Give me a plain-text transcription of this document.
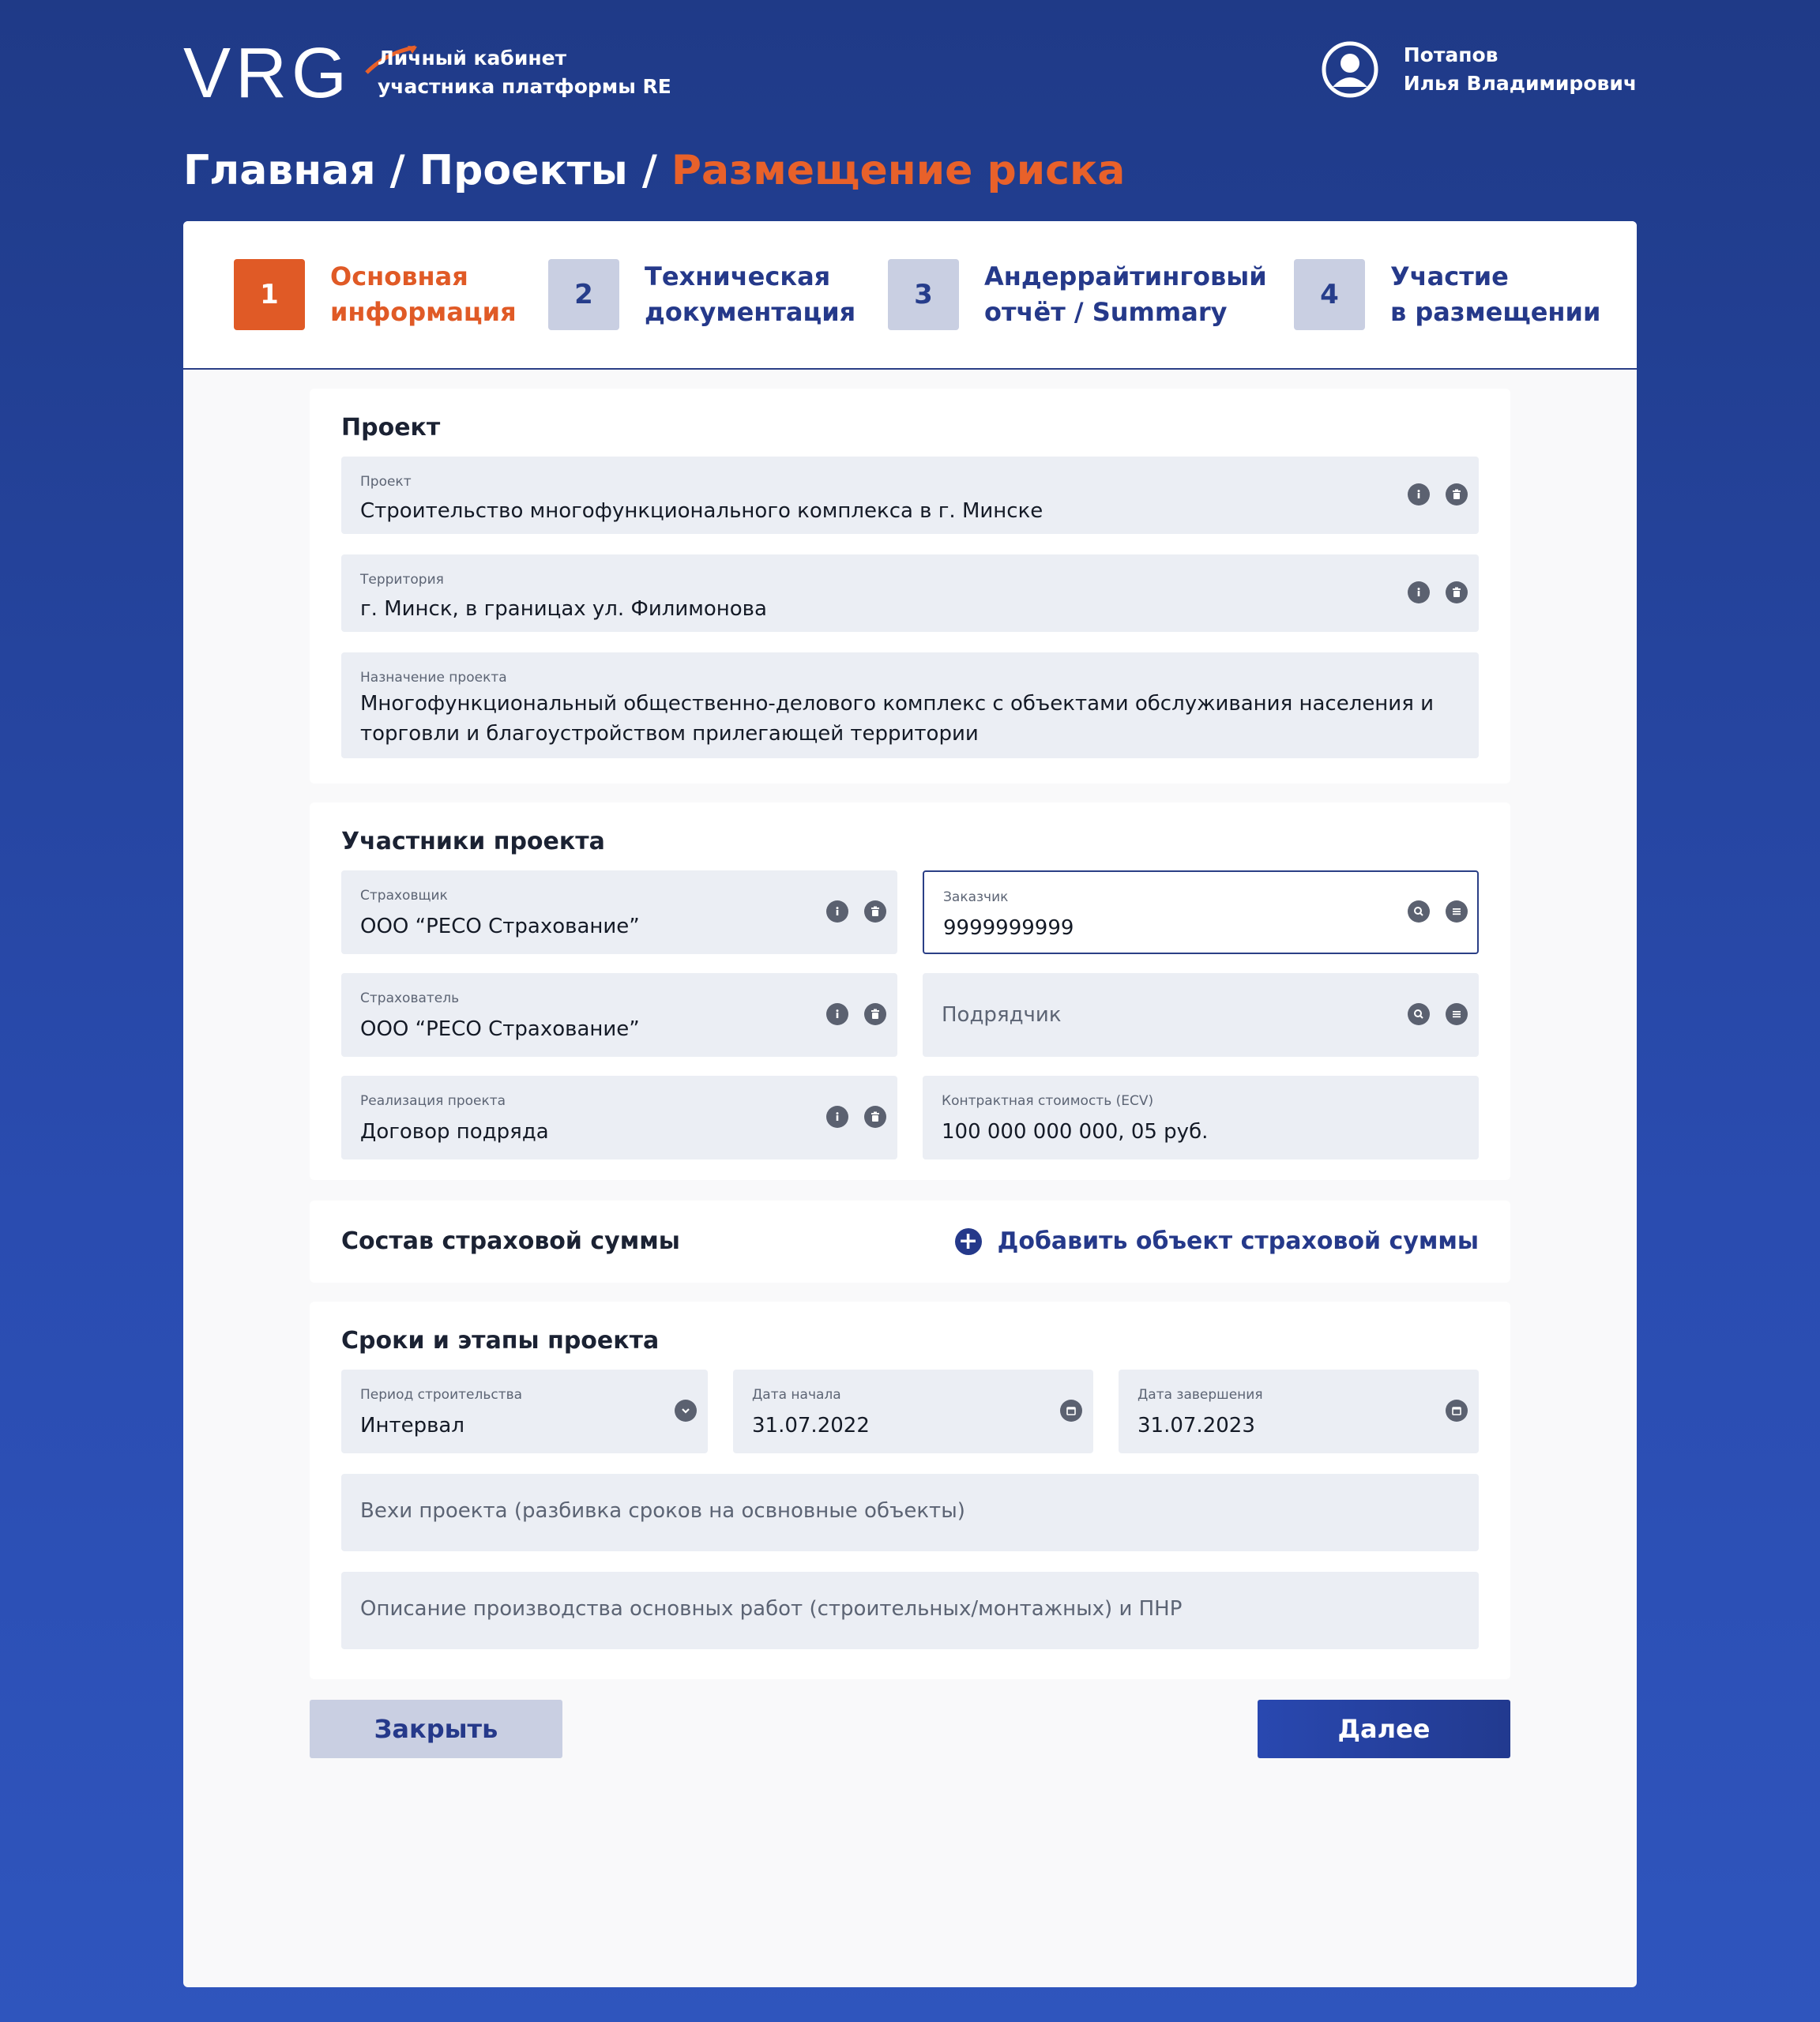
VRG Личный кабинет
участника платформы RE
Потапов
Илья Владимирович
Главная / Проекты / Размещение риска
1
Основная
информация
2
Техническая
документация
3
Андеррайтинговый
отчёт / Summary
4
Участие
в размещении
Проект
Проект
Строительство многофункционального комплекса в г. Минске
Территория
г. Минск, в границах ул. Филимонова
Назначение проекта
Многофункциональный общественно-делового комплекс с объектами обслуживания населения и торговли и благоустройством прилегающей территории
Участники проекта
Страховщик
ООО “РЕСО Страхование”
Заказчик
9999999999
Страхователь
ООО “РЕСО Страхование”
Подрядчик
Реализация проекта
Договор подряда
Контрактная стоимость (ECV)
100 000 000 000, 05 руб.
Состав страховой суммы	+ Добавить объект страховой суммы
Сроки и этапы проекта
Период строительства
Интервал
Дата начала
31.07.2022
Дата завершения
31.07.2023
Вехи проекта (разбивка сроков на освновные объекты)
Описание производства основных работ (строительных/монтажных) и ПНР
Закрыть	Далее
